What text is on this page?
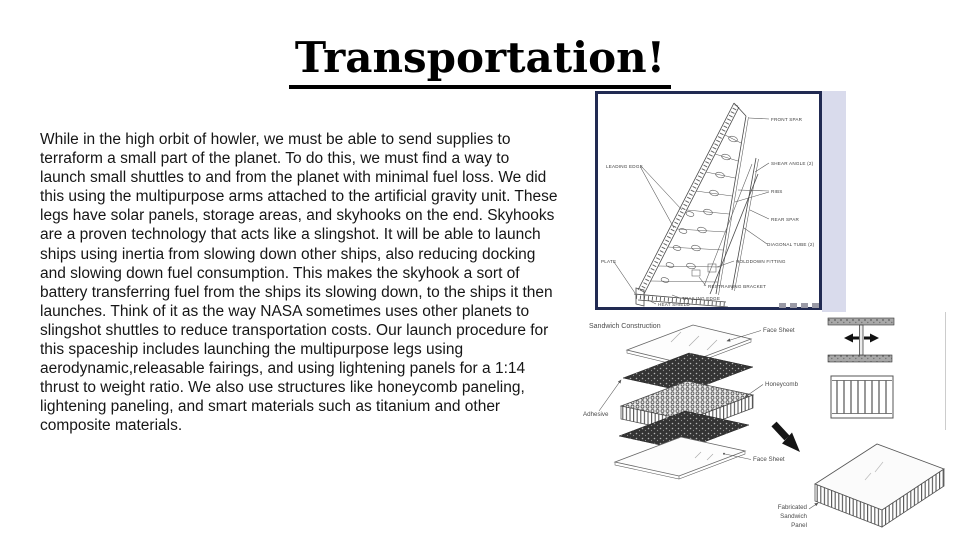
Transportation!
While in the high orbit of howler, we must be able to send supplies to terraform a small part of the planet. To do this, we must find a way to launch small shuttles to and from the planet with minimal fuel loss. We did this using the multipurpose arms attached to the artificial gravity unit. These legs have solar panels, storage areas, and skyhooks on the end. Skyhooks are a proven technology that acts like a slingshot. It will be able to launch ships using inertia from slowing down other ships, also reducing docking and slowing down fuel consumption. This makes the skyhook a sort of battery transferring fuel from the ships its slowing down, to the ships it then launches. Think of it as the way NASA sometimes uses other planets to slingshot shuttles to reduce transportation costs. Our launch procedure for this spaceship includes launching the multipurpose legs using aerodynamic,releasable fairings, and using lightening panels for a 1:14 thrust to weight ratio. We also use structures like honeycomb paneling, lightening paneling, and smart materials such as titanium and other composite materials.
LEADING EDGE
PLATE
FRONT SPAR
SHEAR ANGLE (2)
RIBS
REAR SPAR
DIAGONAL TUBE (2)
HOLDDOWN FITTING
RESTRAINING BRACKET
TRAILING EDGE
HEAT SHIELD
Sandwich Construction
Face Sheet
Honeycomb
Adhesive
Face Sheet
Fabricated
Sandwich
Panel
